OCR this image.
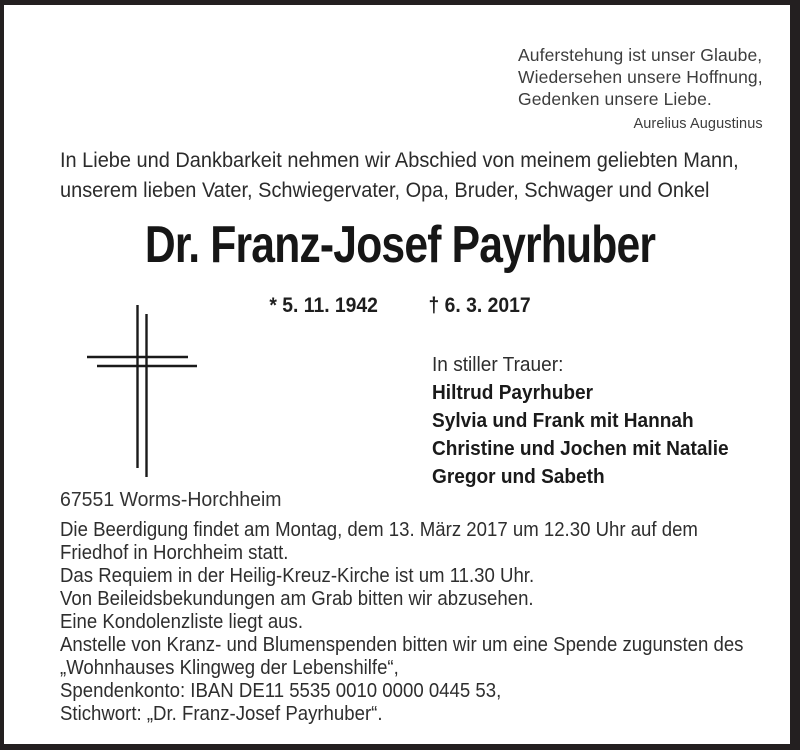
Auferstehung ist unser Glaube,
Wiedersehen unsere Hoffnung,
Gedenken unsere Liebe.
Aurelius Augustinus
In Liebe und Dankbarkeit nehmen wir Abschied von meinem geliebten Mann,
unserem lieben Vater, Schwiegervater, Opa, Bruder, Schwager und Onkel
Dr. Franz-Josef Payrhuber
* 5. 11. 1942 † 6. 3. 2017
In stiller Trauer:
Hiltrud Payrhuber
Sylvia und Frank mit Hannah
Christine und Jochen mit Natalie
Gregor und Sabeth
67551 Worms-Horchheim
Die Beerdigung findet am Montag, dem 13. März 2017 um 12.30 Uhr auf dem
Friedhof in Horchheim statt.
Das Requiem in der Heilig-Kreuz-Kirche ist um 11.30 Uhr.
Von Beileidsbekundungen am Grab bitten wir abzusehen.
Eine Kondolenzliste liegt aus.
Anstelle von Kranz- und Blumenspenden bitten wir um eine Spende zugunsten des
„Wohnhauses Klingweg der Lebenshilfe“,
Spendenkonto: IBAN DE11 5535 0010 0000 0445 53,
Stichwort: „Dr. Franz-Josef Payrhuber“.
